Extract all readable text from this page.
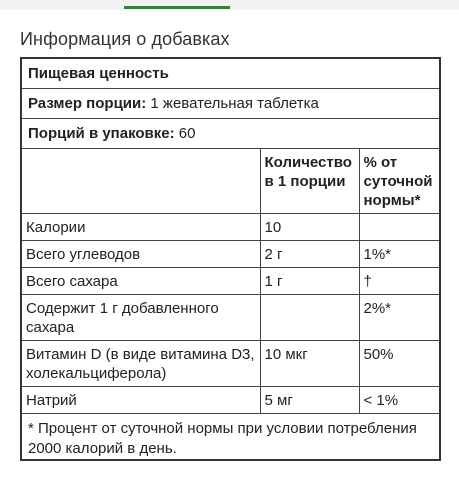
Информация о добавках
Пищевая ценность
Размер порции: 1 жевательная таблетка
Порций в упаковке: 60
	Количество в 1 порции	% от суточной нормы*
Калории	10	
Всего углеводов	2 г	1%*
Всего сахара	1 г	†
Содержит 1 г добавленного сахара		2%*
Витамин D (в виде витамина D3, холекальциферола)	10 мкг	50%
Натрий	5 мг	< 1%
* Процент от суточной нормы при условии потребления 2000 калорий в день.
